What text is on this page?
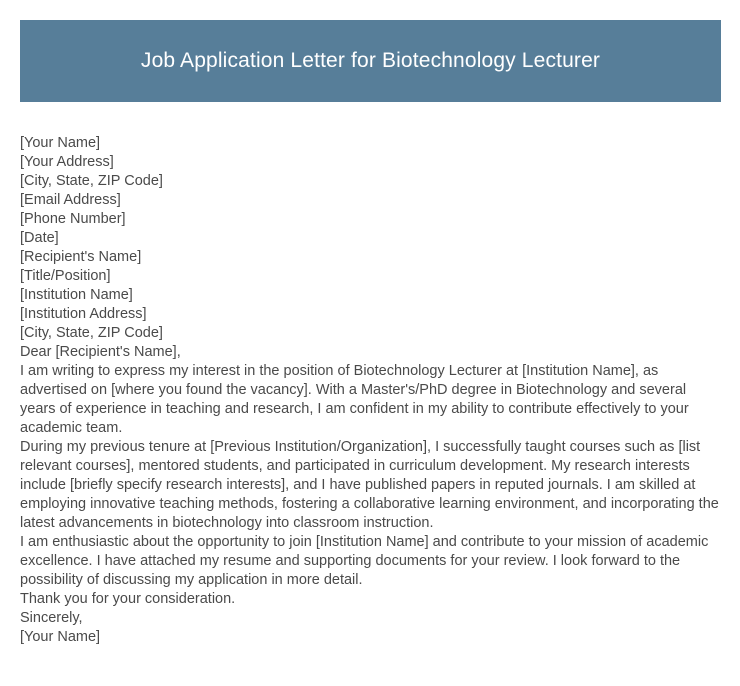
Job Application Letter for Biotechnology Lecturer
[Your Name]
[Your Address]
[City, State, ZIP Code]
[Email Address]
[Phone Number]
[Date]
[Recipient's Name]
[Title/Position]
[Institution Name]
[Institution Address]
[City, State, ZIP Code]
Dear [Recipient's Name],

I am writing to express my interest in the position of Biotechnology Lecturer at [Institution Name], as advertised on [where you found the vacancy]. With a Master's/PhD degree in Biotechnology and several years of experience in teaching and research, I am confident in my ability to contribute effectively to your academic team.

During my previous tenure at [Previous Institution/Organization], I successfully taught courses such as [list relevant courses], mentored students, and participated in curriculum development. My research interests include [briefly specify research interests], and I have published papers in reputed journals. I am skilled at employing innovative teaching methods, fostering a collaborative learning environment, and incorporating the latest advancements in biotechnology into classroom instruction.

I am enthusiastic about the opportunity to join [Institution Name] and contribute to your mission of academic excellence. I have attached my resume and supporting documents for your review. I look forward to the possibility of discussing my application in more detail.

Thank you for your consideration.
Sincerely,
[Your Name]
